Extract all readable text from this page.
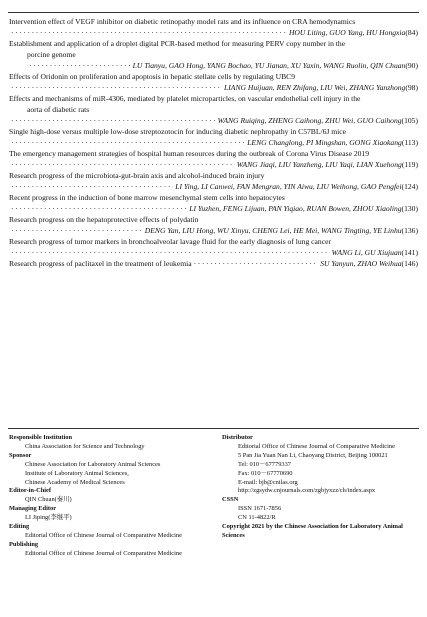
Intervention effect of VEGF inhibitor on diabetic retinopathy model rats and its influence on CRA hemodynamics
·····
HOU Liting, GUO Yang, HU Hongxia (84)
Establishment and application of a droplet digital PCR-based method for measuring PERV copy number in the
porcine genome
·····
LU Tianyu, GAO Hong, YANG Bochao, YU Jianan, XU Yaxin, WANG Ruolin, QIN Chuan (90)
Effects of Oridonin on proliferation and apoptosis in hepatic stellate cells by regulating UBC9
·····
LIANG Huijuan, REN Zhifang, LIU Wei, ZHANG Yanzhong (98)
Effects and mechanisms of miR-4306, mediated by platelet microparticles, on vascular endothelial cell injury in the
aorta of diabetic rats
·····
WANG Ruiqing, ZHENG Caihong, ZHU Wei, GUO Caihong (105)
Single high-dose versus multiple low-dose streptozotocin for inducing diabetic nephropathy in C57BL/6J mice
·····
LENG Changlong, PI Mingshan, GONG Xiaokang (113)
The emergency management strategies of hospital human resources during the outbreak of Corona Virus Disease 2019
·····
WANG Jiaqi, LIU Yanzheng, LIU Yaqi, LIAN Xuehong (119)
Research progress of the microbiota-gut-brain axis and alcohol-induced brain injury
·····
LI Ying, LI Canwei, FAN Mengran, YIN Aiwu, LIU Weihong, GAO Pengfei (124)
Recent progress in the induction of bone marrow mesenchymal stem cells into hepatocytes
·····
LI Yuzhen, FENG Lijuan, PAN Yiqiao, RUAN Bowen, ZHOU Xiaoling (130)
Research progress on the hepatoprotective effects of polydatin
·····
DENG Yan, LIU Hong, WU Xinyu, CHENG Lei, HE Mei, WANG Tingting, YE Linhu (136)
Research progress of tumor markers in bronchoalveolar lavage fluid for the early diagnosis of lung cancer
·····
WANG Li, GU Xiujuan (141)
Research progress of paclitaxel in the treatment of leukemia
·····	SU Yanyun, ZHAO Weihua (146)
Responsible Institution
China Association for Science and Technology
Sponsor
Chinese Association for Laboratory Animal Sciences
Institute of Laboratory Animal Sciences,
Chinese Academy of Medical Sciences
Editor-in-Chief
QIN Chuan(秦川)
Managing Editor
LI Jiping(李继平)
Editing
Editorial Office of Chinese Journal of Comparative Medicine
Publishing
Editorial Office of Chinese Journal of Comparative Medicine
Distributor
Editorial Office of Chinese Journal of Comparative Medicine
5 Pan Jia Yuan Nan Li, Chaoyang District, Beijing 100021
Tel: 010－67779337
Fax: 010－67770690
E-mail: bjb@cnilas.org
http://zgsydw.cnjournals.com/zgbjyxzz/ch/index.aspx
CSSN
ISSN 1671-7856
CN 11-4822/R
Copyright 2021 by the Chinese Association for Laboratory Animal Sciences
